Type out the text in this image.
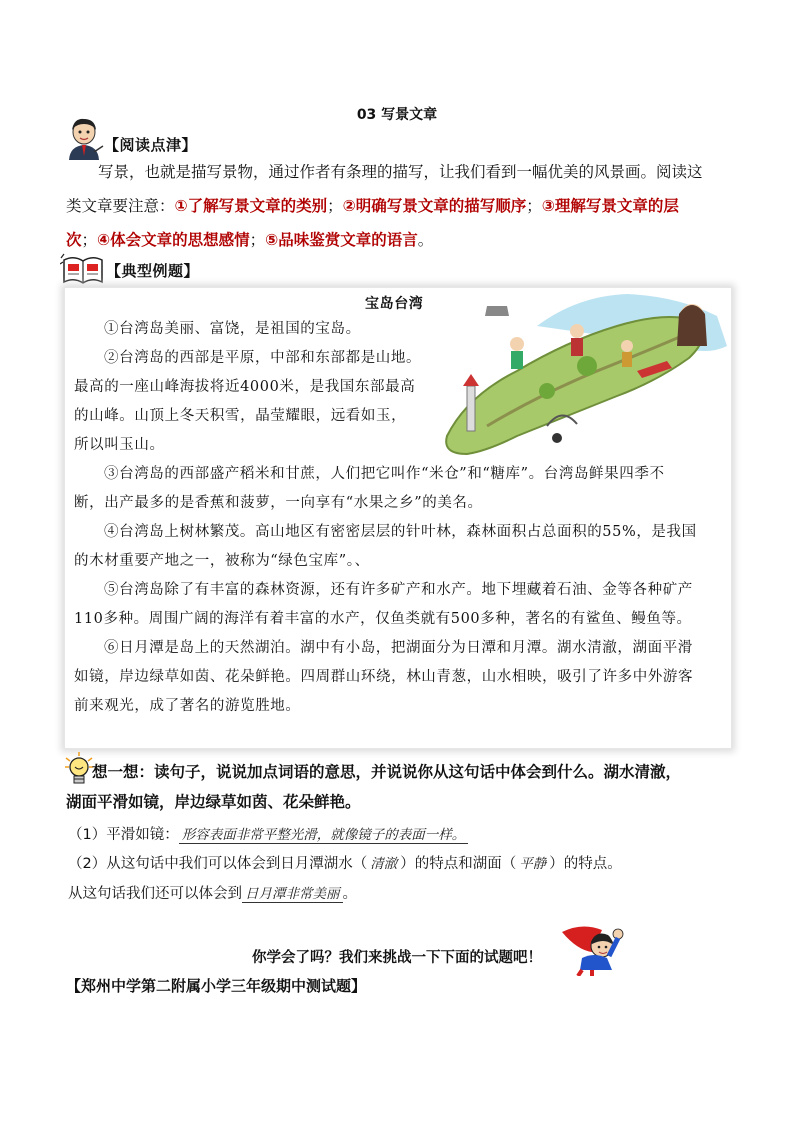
03 写景文章
【阅读点津】
写景，也就是描写景物，通过作者有条理的描写，让我们看到一幅优美的风景画。阅读这
类文章要注意：①了解写景文章的类别；②明确写景文章的描写顺序；③理解写景文章的层
次；④体会文章的思想感情；⑤品味鉴赏文章的语言。
【典型例题】
宝岛台湾
①台湾岛美丽、富饶，是祖国的宝岛。
②台湾岛的西部是平原，中部和东部都是山地。
最高的一座山峰海拔将近4000米，是我国东部最高
的山峰。山顶上冬天积雪，晶莹耀眼，远看如玉，
所以叫玉山。
③台湾岛的西部盛产稻米和甘蔗，人们把它叫作“米仓”和“糖库”。台湾岛鲜果四季不
断，出产最多的是香蕉和菠萝，一向享有“水果之乡”的美名。
④台湾岛上树林繁茂。高山地区有密密层层的针叶林，森林面积占总面积的55%，是我国
的木材重要产地之一，被称为“绿色宝库”。、
⑤台湾岛除了有丰富的森林资源，还有许多矿产和水产。地下埋藏着石油、金等各种矿产
110多种。周围广阔的海洋有着丰富的水产，仅鱼类就有500多种，著名的有鲨鱼、鳗鱼等。
⑥日月潭是岛上的天然湖泊。湖中有小岛，把湖面分为日潭和月潭。湖水清澈，湖面平滑
如镜，岸边绿草如茵、花朵鲜艳。四周群山环绕，林山青葱，山水相映，吸引了许多中外游客
前来观光，成了著名的游览胜地。
想一想：读句子，说说加点词语的意思，并说说你从这句话中体会到什么。湖水清澈，
湖面平滑如镜，岸边绿草如茵、花朵鲜艳。
（1）平滑如镜： 形容表面非常平整光滑，就像镜子的表面一样。
（2）从这句话中我们可以体会到日月潭湖水（ 清澈 ）的特点和湖面（ 平静 ）的特点。
从这句话我们还可以体会到 日月潭非常美丽 。
你学会了吗？我们来挑战一下下面的试题吧！
【郑州中学第二附属小学三年级期中测试题】
